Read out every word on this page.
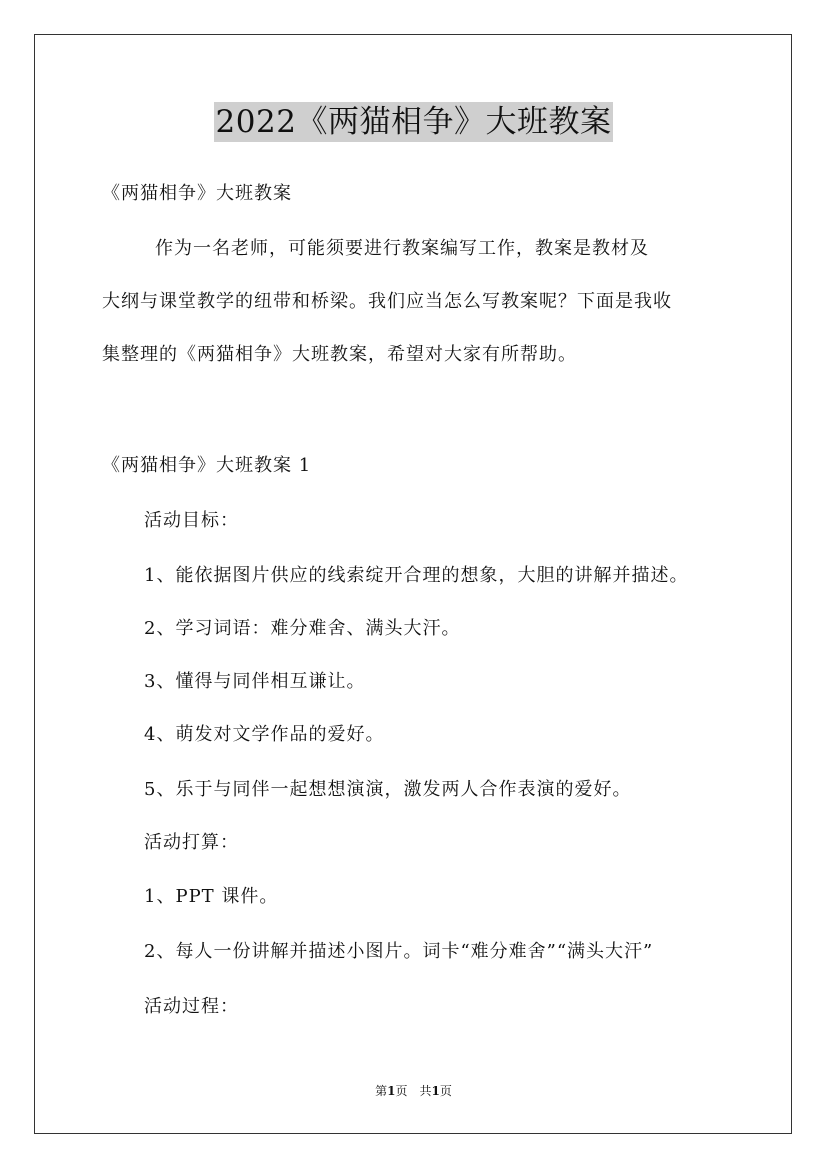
2022《两猫相争》大班教案
《两猫相争》大班教案
作为一名老师，可能须要进行教案编写工作，教案是教材及
大纲与课堂教学的纽带和桥梁。我们应当怎么写教案呢？下面是我收
集整理的《两猫相争》大班教案，希望对大家有所帮助。
《两猫相争》大班教案 1
活动目标：
1、能依据图片供应的线索绽开合理的想象，大胆的讲解并描述。
2、学习词语：难分难舍、满头大汗。
3、懂得与同伴相互谦让。
4、萌发对文学作品的爱好。
5、乐于与同伴一起想想演演，激发两人合作表演的爱好。
活动打算：
1、PPT 课件。
2、每人一份讲解并描述小图片。词卡“难分难舍”“满头大汗”
活动过程：
第1页　共1页
